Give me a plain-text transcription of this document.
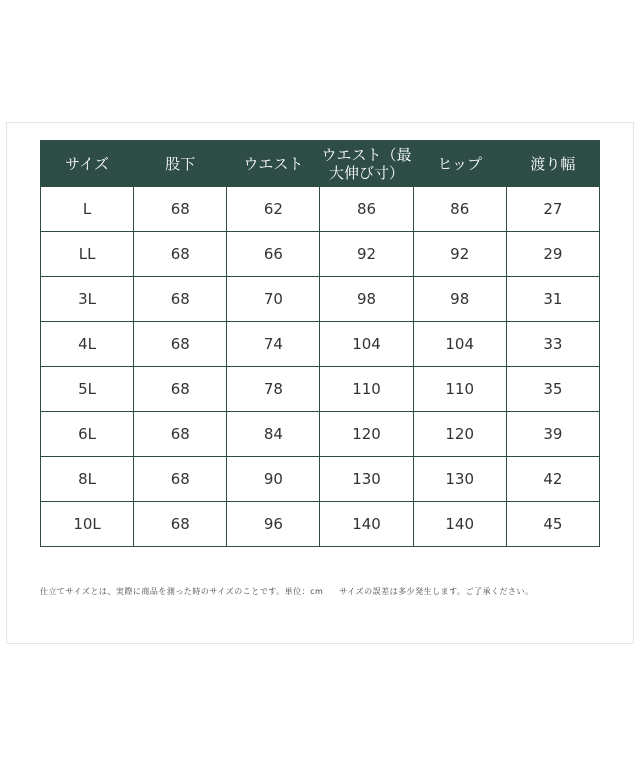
サイズ	股下	ウエスト	ウエスト（最大伸び寸）	ヒップ	渡り幅
L	68	62	86	86	27
LL	68	66	92	92	29
3L	68	70	98	98	31
4L	68	74	104	104	33
5L	68	78	110	110	35
6L	68	84	120	120	39
8L	68	90	130	130	42
10L	68	96	140	140	45
仕立てサイズとは、実際に商品を測った時のサイズのことです。単位：cm サイズの誤差は多少発生します。ご了承ください。
